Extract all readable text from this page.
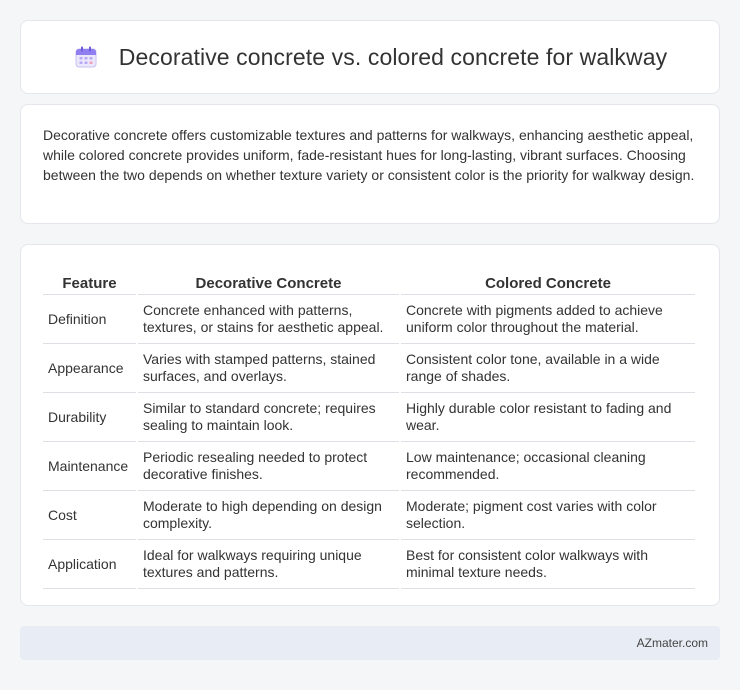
Decorative concrete vs. colored concrete for walkway

Decorative concrete offers customizable textures and patterns for walkways, enhancing aesthetic appeal, while colored concrete provides uniform, fade-resistant hues for long-lasting, vibrant surfaces. Choosing between the two depends on whether texture variety or consistent color is the priority for walkway design.

Feature	Decorative Concrete	Colored Concrete
Definition	Concrete enhanced with patterns, textures, or stains for aesthetic appeal.	Concrete with pigments added to achieve uniform color throughout the material.
Appearance	Varies with stamped patterns, stained surfaces, and overlays.	Consistent color tone, available in a wide range of shades.
Durability	Similar to standard concrete; requires sealing to maintain look.	Highly durable color resistant to fading and wear.
Maintenance	Periodic resealing needed to protect decorative finishes.	Low maintenance; occasional cleaning recommended.
Cost	Moderate to high depending on design complexity.	Moderate; pigment cost varies with color selection.
Application	Ideal for walkways requiring unique textures and patterns.	Best for consistent color walkways with minimal texture needs.
AZmater.com
